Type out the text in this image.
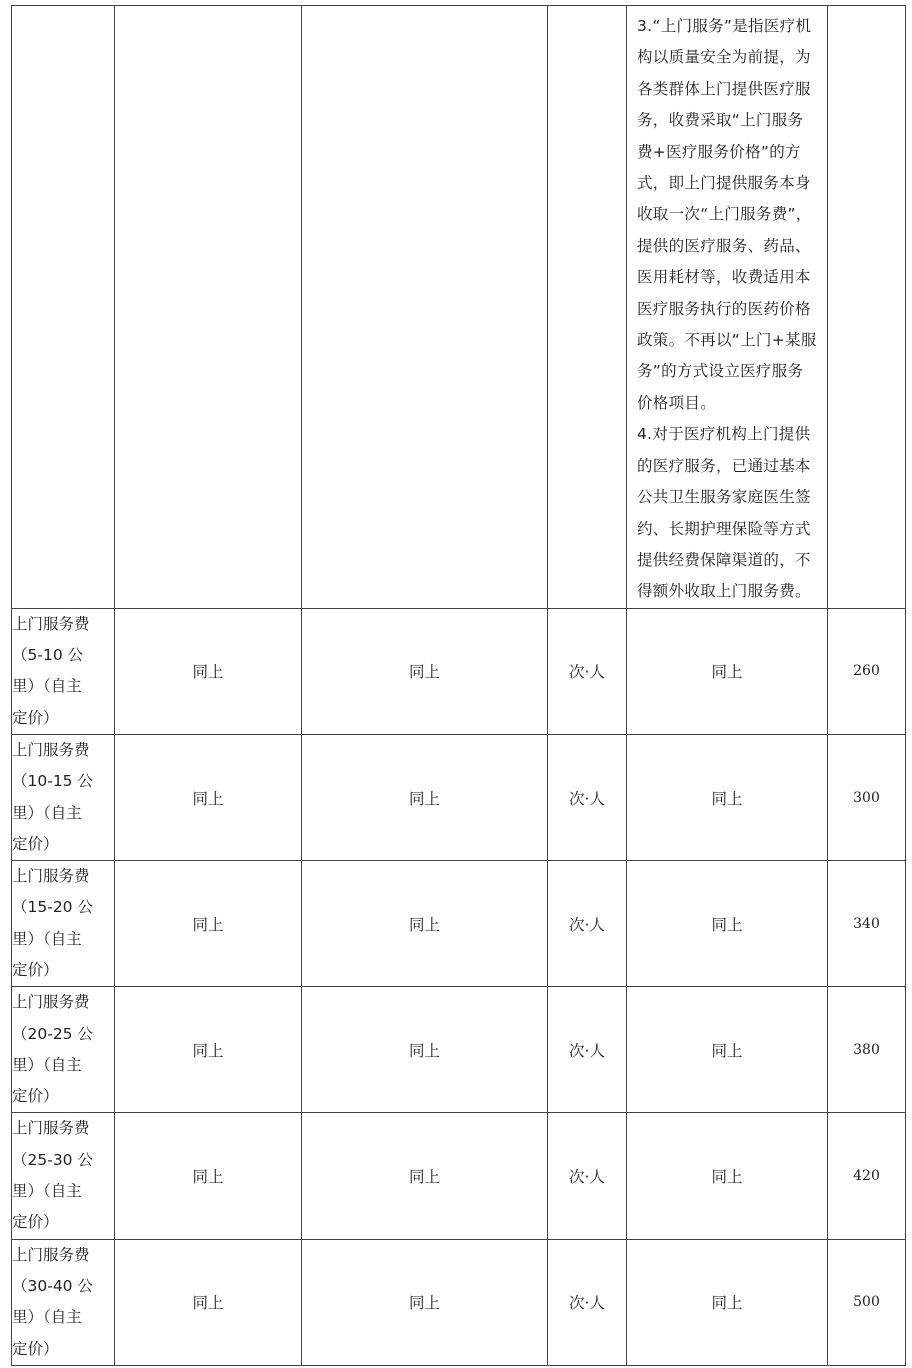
				3.“上门服务”是指医疗机构以质量安全为前提，为各类群体上门提供医疗服务，收费采取“上门服务费+医疗服务价格”的方式，即上门提供服务本身收取一次“上门服务费”，提供的医疗服务、药品、医用耗材等，收费适用本医疗服务执行的医药价格政策。不再以“上门+某服务”的方式设立医疗服务价格项目。

4.对于医疗机构上门提供的医疗服务，已通过基本公共卫生服务家庭医生签约、长期护理保险等方式提供经费保障渠道的，不得额外收取上门服务费。	

上门服务费
（5-10 公
里）（自主
定价）	同上	同上	次·人	同上	260

上门服务费
（10-15 公
里）（自主
定价）	同上	同上	次·人	同上	300

上门服务费
（15-20 公
里）（自主
定价）	同上	同上	次·人	同上	340

上门服务费
（20-25 公
里）（自主
定价）	同上	同上	次·人	同上	380

上门服务费
（25-30 公
里）（自主
定价）	同上	同上	次·人	同上	420

上门服务费
（30-40 公
里）（自主
定价）	同上	同上	次·人	同上	500
